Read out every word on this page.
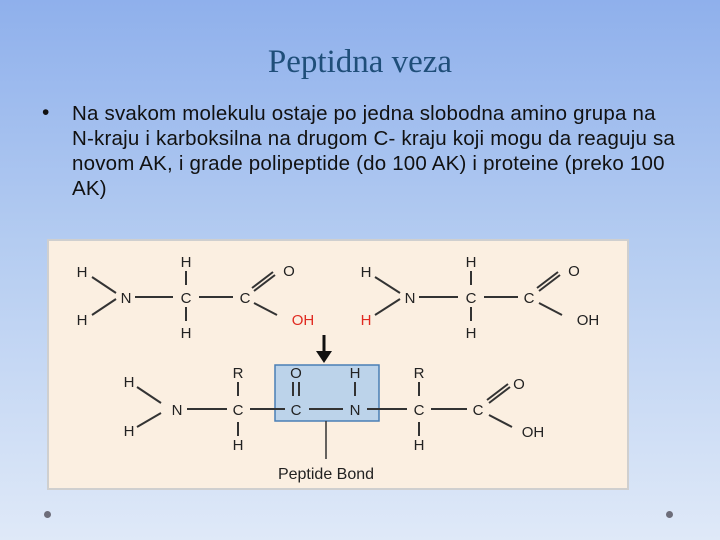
Peptidna veza
• Na svakom molekulu ostaje po jedna slobodna amino grupa na N-kraju i karboksilna na drugom C- kraju koji mogu da reaguju sa novom AK, i grade polipeptide (do 100 AK) i proteine (preko 100 AK)
H
H
H
N
H
C	C
O
OH
H
H
H
N
H
C	C
O
OH
H
N
H
R
C
H
O
C
H
N
R
C
H
C
O
OH
Peptide Bond
